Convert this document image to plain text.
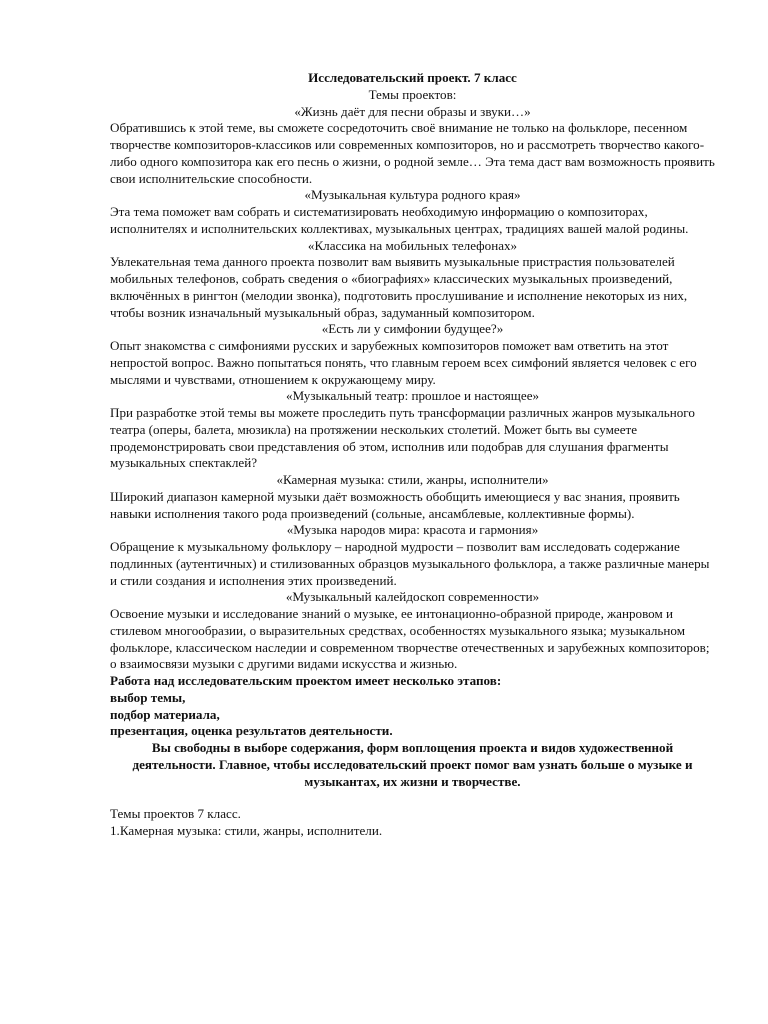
Исследовательский проект. 7 класс

Темы проектов:

«Жизнь даёт для песни образы и звуки…»

Обратившись к этой теме, вы сможете сосредоточить своё внимание не только на фольклоре, песенном творчестве композиторов-классиков или современных композиторов, но и рассмотреть творчество какого-либо одного композитора как его песнь о жизни, о родной земле… Эта тема даст вам возможность проявить свои исполнительские способности.

«Музыкальная культура родного края»

Эта тема поможет вам собрать и систематизировать необходимую информацию о композиторах, исполнителях и исполнительских коллективах, музыкальных центрах, традициях вашей малой родины.

«Классика на мобильных телефонах»

Увлекательная тема данного проекта позволит вам выявить музыкальные пристрастия пользователей мобильных телефонов, собрать сведения о «биографиях» классических музыкальных произведений, включённых в рингтон (мелодии звонка), подготовить прослушивание и исполнение некоторых из них, чтобы возник изначальный музыкальный образ, задуманный композитором.

«Есть ли у симфонии будущее?»

Опыт знакомства с симфониями русских и зарубежных композиторов поможет вам ответить на этот непростой вопрос. Важно попытаться понять, что главным героем всех симфоний является человек с его мыслями и чувствами, отношением к окружающему миру.

«Музыкальный театр: прошлое и настоящее»

При разработке этой темы вы можете проследить путь трансформации различных жанров музыкального театра (оперы, балета, мюзикла) на протяжении нескольких столетий. Может быть вы сумеете продемонстрировать свои представления об этом, исполнив или подобрав для слушания фрагменты музыкальных спектаклей?

«Камерная музыка: стили, жанры, исполнители»

Широкий диапазон камерной музыки даёт возможность обобщить имеющиеся у вас знания, проявить навыки исполнения такого рода произведений (сольные, ансамблевые, коллективные формы).

«Музыка народов мира: красота и гармония»

Обращение к музыкальному фольклору – народной мудрости – позволит вам исследовать содержание подлинных (аутентичных) и стилизованных образцов музыкального фольклора, а также различные манеры и стили создания и исполнения этих произведений.

«Музыкальный калейдоскоп современности»

Освоение музыки и исследование знаний о музыке, ее интонационно-образной природе, жанровом и стилевом многообразии, о выразительных средствах, особенностях музыкального языка; музыкальном фольклоре, классическом наследии и современном творчестве отечественных и зарубежных композиторов; о взаимосвязи музыки с другими видами искусства и жизнью.

Работа над исследовательским проектом имеет несколько этапов:

выбор темы,

подбор материала,

презентация, оценка результатов деятельности.

Вы свободны в выборе содержания, форм воплощения проекта и видов художественной деятельности. Главное, чтобы исследовательский проект помог вам узнать больше о музыке и музыкантах, их жизни и творчестве.

Темы проектов 7 класс.

1.Камерная музыка: стили, жанры, исполнители.
